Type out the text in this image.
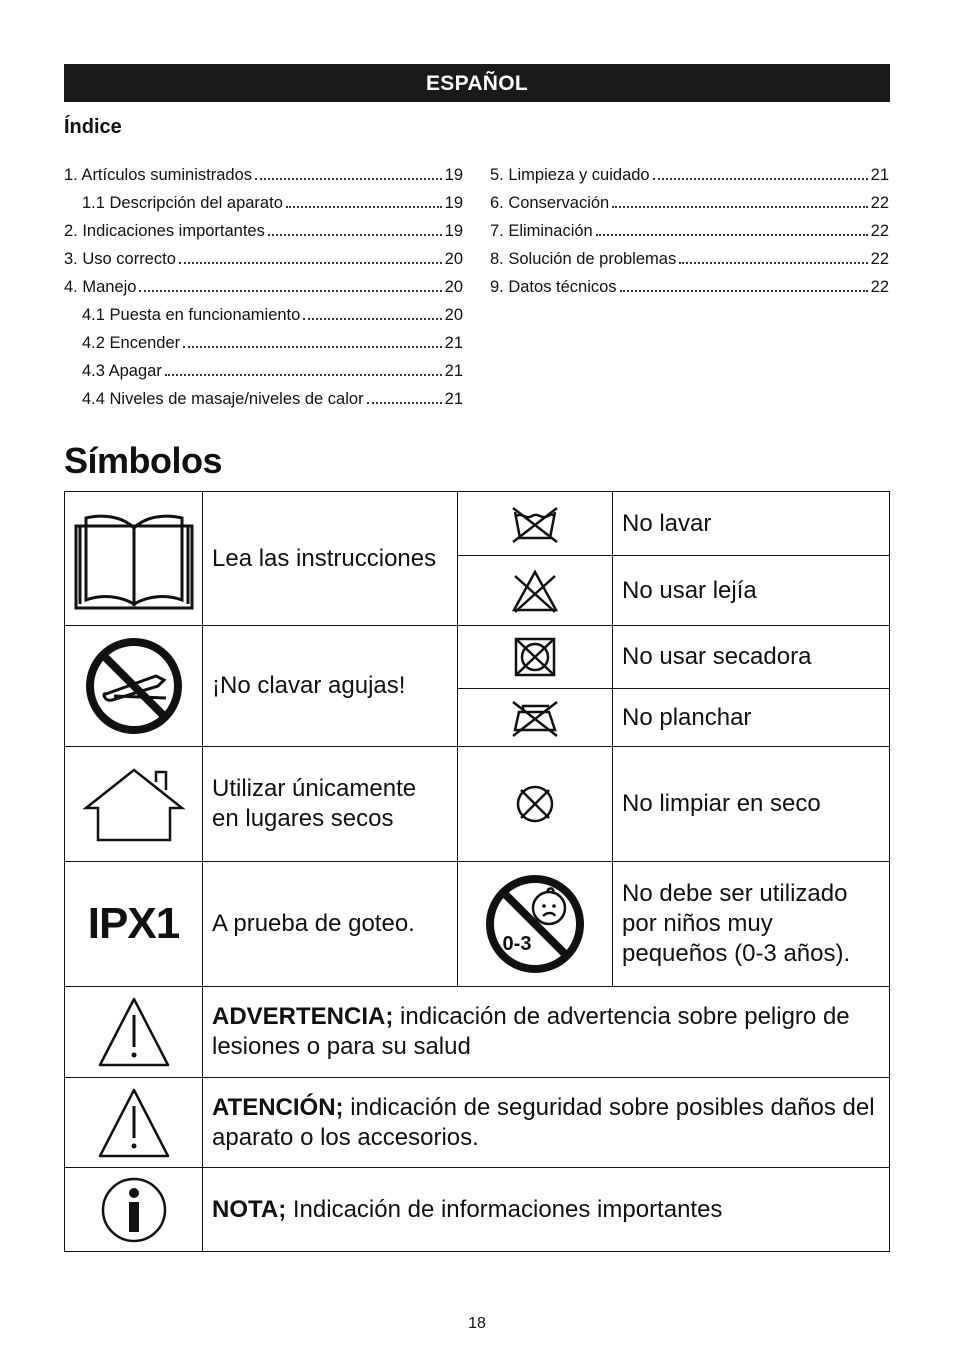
ESPAÑOL
Índice
1. Artículos suministrados	19
1.1 Descripción del aparato	19
2. Indicaciones importantes	19
3. Uso correcto	20
4. Manejo	20
4.1 Puesta en funcionamiento	20
4.2 Encender	21
4.3 Apagar	21
4.4 Niveles de masaje/niveles de calor	21
5. Limpieza y cuidado	21
6. Conservación	22
7. Eliminación	22
8. Solución de problemas	22
9. Datos técnicos	22
Símbolos
	Lea las instrucciones		No lavar

	No usar lejía

	¡No clavar agujas!		No usar secadora

	No planchar

Utilizar únicamente
en lugares secos		No limpiar en seco
IPX1	A prueba de goteo.	0-3	No debe ser utilizado
por niños muy
pequeños (0-3 años).

	ADVERTENCIA; indicación de advertencia sobre peligro de lesiones o para su salud		

	ATENCIÓN; indicación de seguridad sobre posibles daños del aparato o los accesorios.		

	NOTA; Indicación de informaciones importantes		
18
